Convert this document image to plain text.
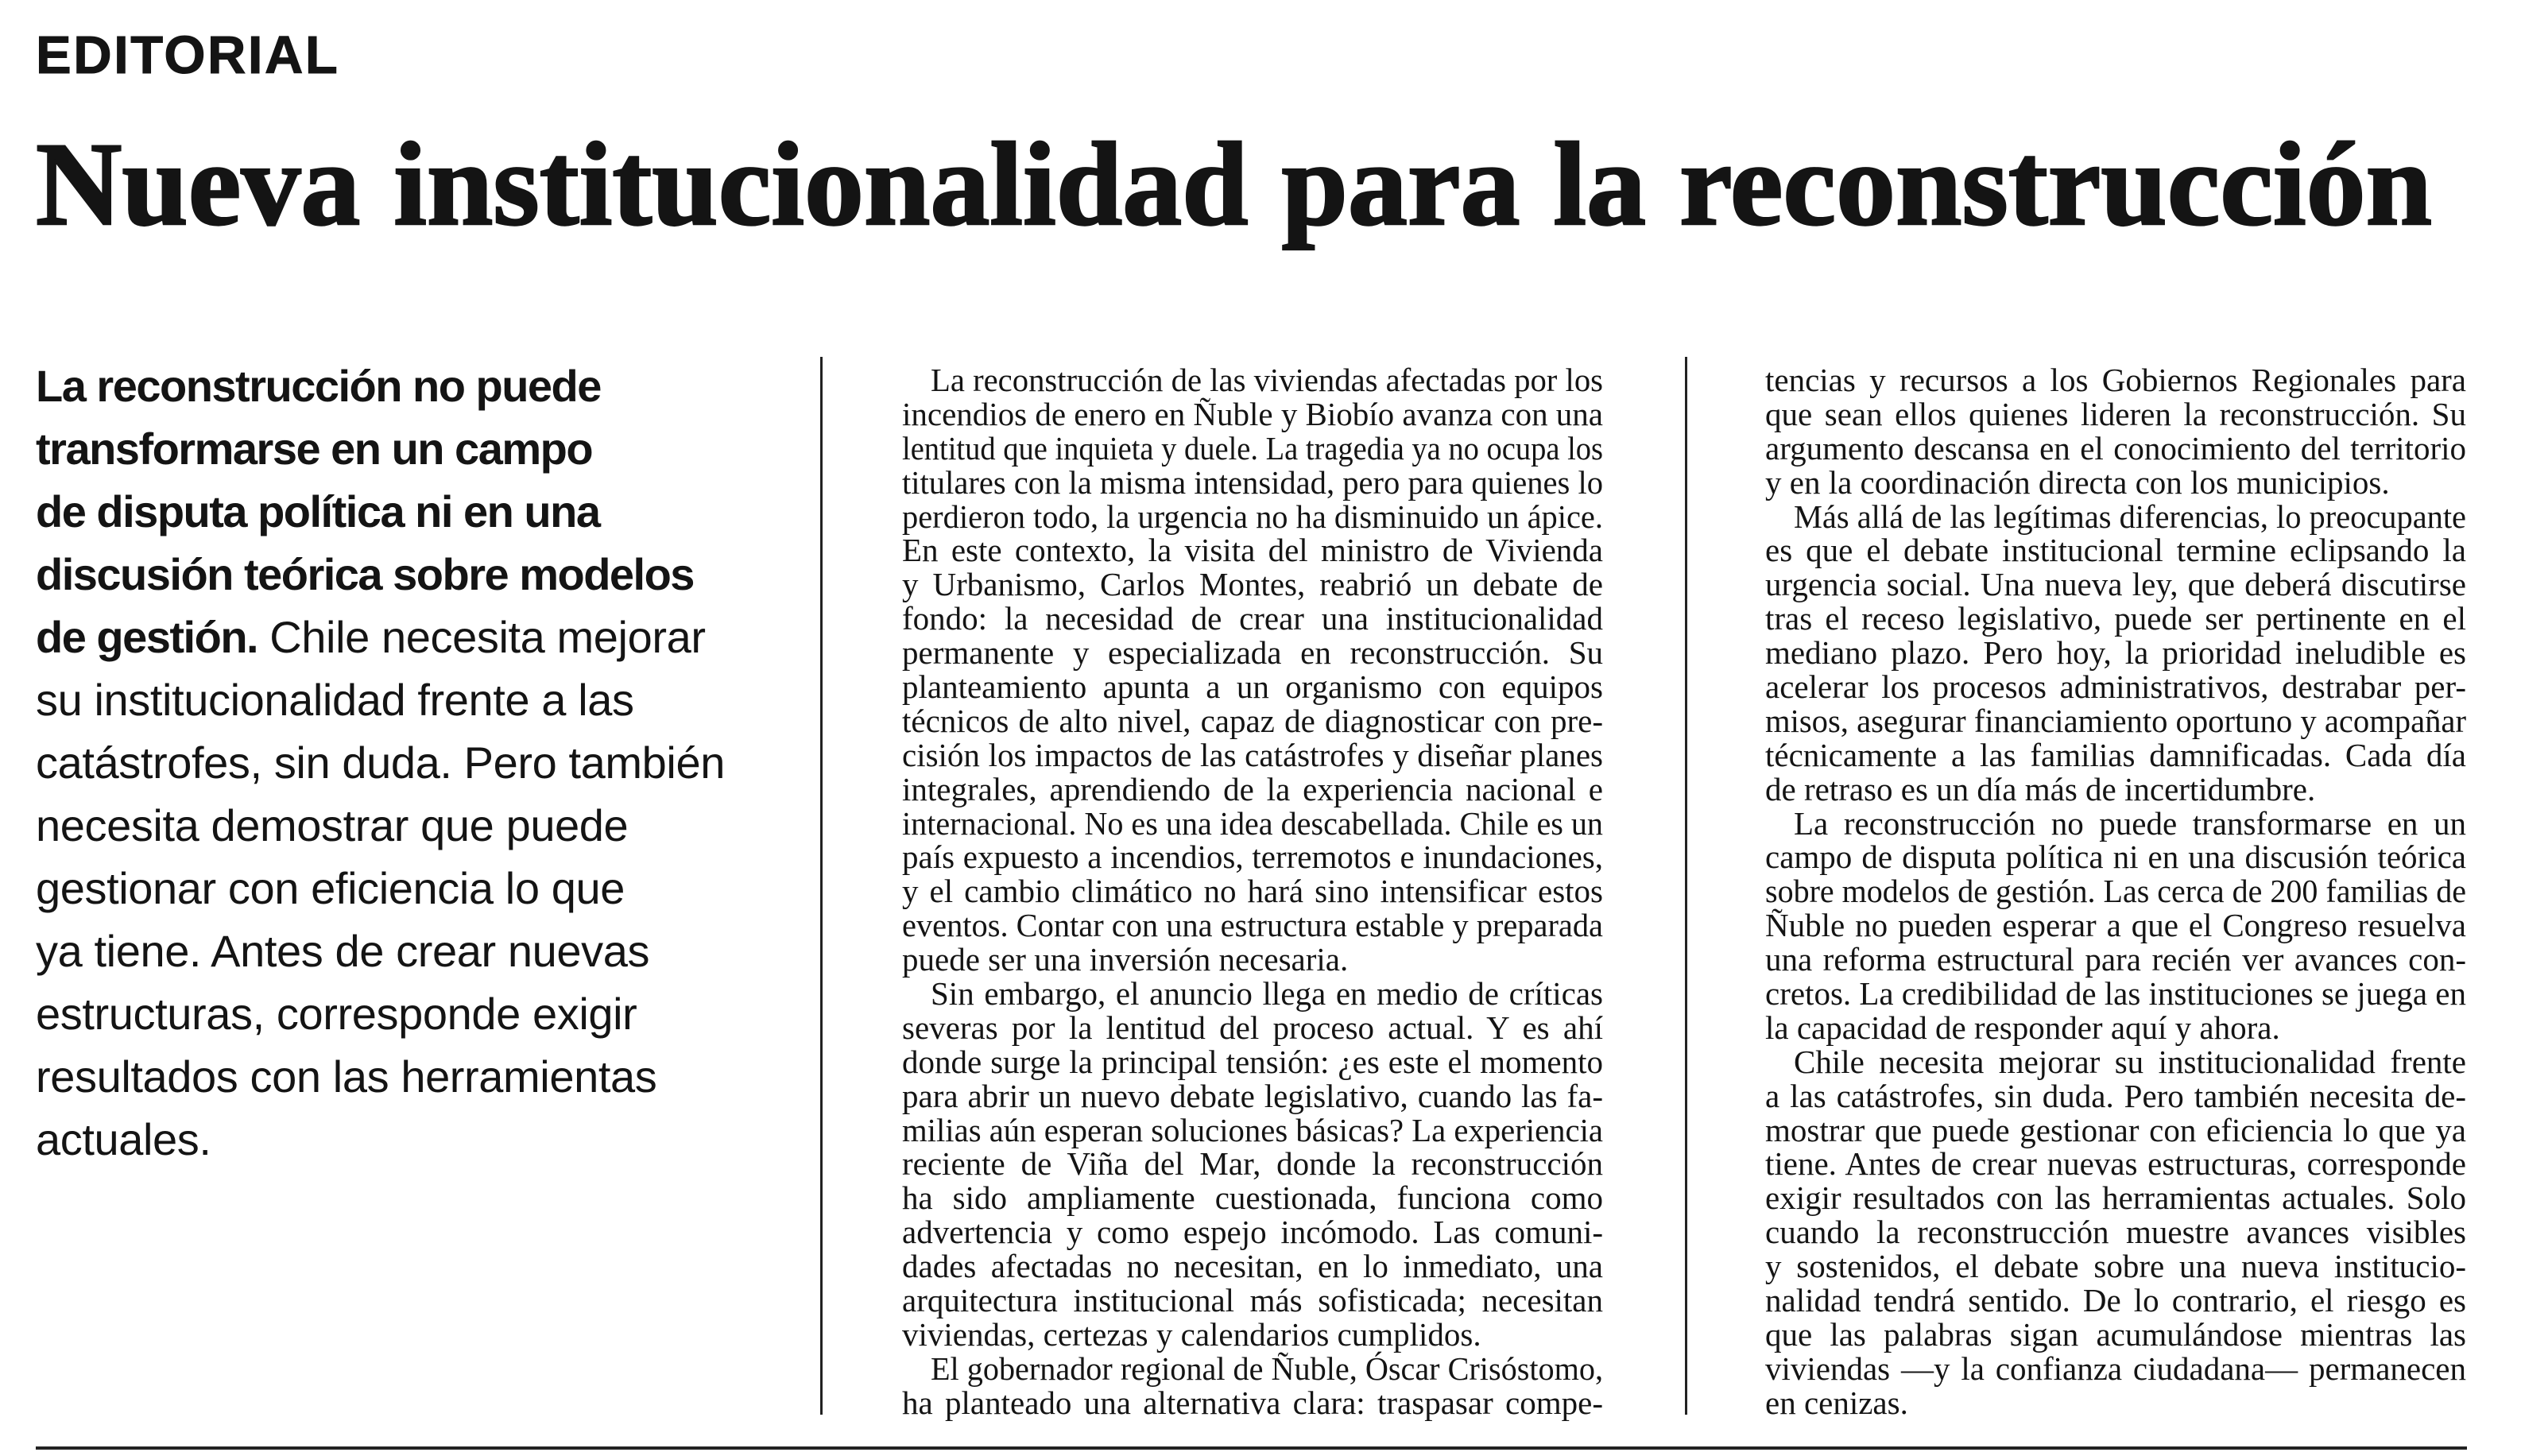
EDITORIAL
Nueva institucionalidad para la reconstrucción
La reconstrucción no puede
transformarse en un campo
de disputa política ni en una
discusión teórica sobre modelos
de gestión. Chile necesita mejorar
su institucionalidad frente a las
catástrofes, sin duda. Pero también
necesita demostrar que puede
gestionar con eficiencia lo que
ya tiene. Antes de crear nuevas
estructuras, corresponde exigir
resultados con las herramientas
actuales.
La reconstrucción de las viviendas afectadas por los
incendios de enero en Ñuble y Biobío avanza con una
lentitud que inquieta y duele. La tragedia ya no ocupa los
titulares con la misma intensidad, pero para quienes lo
perdieron todo, la urgencia no ha disminuido un ápice.
En este contexto, la visita del ministro de Vivienda
y Urbanismo, Carlos Montes, reabrió un debate de
fondo: la necesidad de crear una institucionalidad
permanente y especializada en reconstrucción. Su
planteamiento apunta a un organismo con equipos
técnicos de alto nivel, capaz de diagnosticar con pre-
cisión los impactos de las catástrofes y diseñar planes
integrales, aprendiendo de la experiencia nacional e
internacional. No es una idea descabellada. Chile es un
país expuesto a incendios, terremotos e inundaciones,
y el cambio climático no hará sino intensificar estos
eventos. Contar con una estructura estable y preparada
puede ser una inversión necesaria.
Sin embargo, el anuncio llega en medio de críticas
severas por la lentitud del proceso actual. Y es ahí
donde surge la principal tensión: ¿es este el momento
para abrir un nuevo debate legislativo, cuando las fa-
milias aún esperan soluciones básicas? La experiencia
reciente de Viña del Mar, donde la reconstrucción
ha sido ampliamente cuestionada, funciona como
advertencia y como espejo incómodo. Las comuni-
dades afectadas no necesitan, en lo inmediato, una
arquitectura institucional más sofisticada; necesitan
viviendas, certezas y calendarios cumplidos.
El gobernador regional de Ñuble, Óscar Crisóstomo,
ha planteado una alternativa clara: traspasar compe-
tencias y recursos a los Gobiernos Regionales para
que sean ellos quienes lideren la reconstrucción. Su
argumento descansa en el conocimiento del territorio
y en la coordinación directa con los municipios.
Más allá de las legítimas diferencias, lo preocupante
es que el debate institucional termine eclipsando la
urgencia social. Una nueva ley, que deberá discutirse
tras el receso legislativo, puede ser pertinente en el
mediano plazo. Pero hoy, la prioridad ineludible es
acelerar los procesos administrativos, destrabar per-
misos, asegurar financiamiento oportuno y acompañar
técnicamente a las familias damnificadas. Cada día
de retraso es un día más de incertidumbre.
La reconstrucción no puede transformarse en un
campo de disputa política ni en una discusión teórica
sobre modelos de gestión. Las cerca de 200 familias de
Ñuble no pueden esperar a que el Congreso resuelva
una reforma estructural para recién ver avances con-
cretos. La credibilidad de las instituciones se juega en
la capacidad de responder aquí y ahora.
Chile necesita mejorar su institucionalidad frente
a las catástrofes, sin duda. Pero también necesita de-
mostrar que puede gestionar con eficiencia lo que ya
tiene. Antes de crear nuevas estructuras, corresponde
exigir resultados con las herramientas actuales. Solo
cuando la reconstrucción muestre avances visibles
y sostenidos, el debate sobre una nueva institucio-
nalidad tendrá sentido. De lo contrario, el riesgo es
que las palabras sigan acumulándose mientras las
viviendas —y la confianza ciudadana— permanecen
en cenizas.
